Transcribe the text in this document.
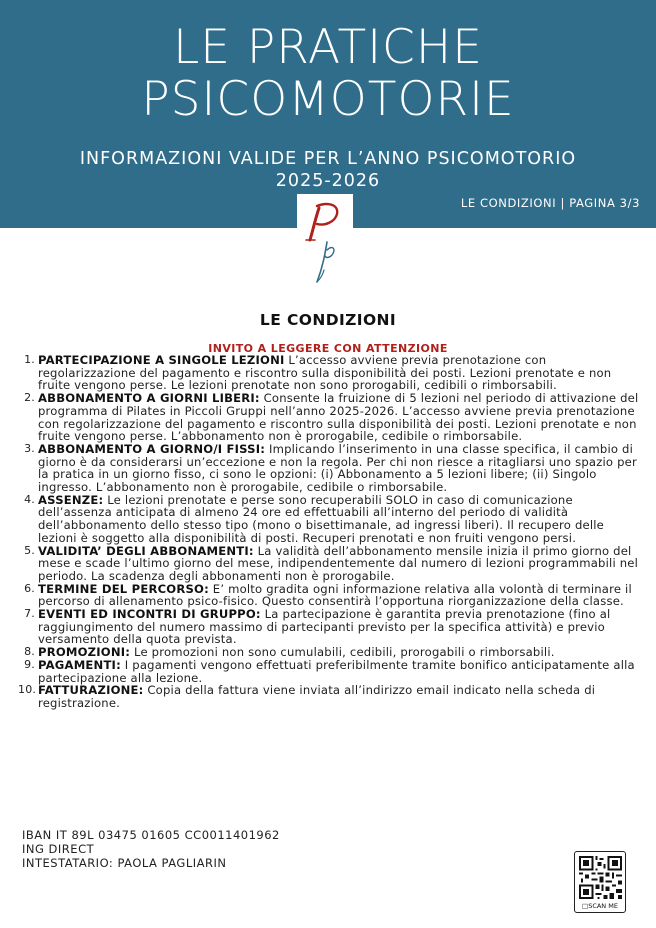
LE PRATICHE
PSICOMOTORIE
INFORMAZIONI VALIDE PER L’ANNO PSICOMOTORIO
2025-2026
LE CONDIZIONI | PAGINA 3/3
LE CONDIZIONI
INVITO A LEGGERE CON ATTENZIONE
1. PARTECIPAZIONE A SINGOLE LEZIONI L’accesso avviene previa prenotazione con regolarizzazione del pagamento e riscontro sulla disponibilità dei posti. Lezioni prenotate e non fruite vengono perse. Le lezioni prenotate non sono prorogabili, cedibili o rimborsabili.
2. ABBONAMENTO A GIORNI LIBERI: Consente la fruizione di 5 lezioni nel periodo di attivazione del programma di Pilates in Piccoli Gruppi nell’anno 2025-2026. L’accesso avviene previa prenotazione con regolarizzazione del pagamento e riscontro sulla disponibilità dei posti. Lezioni prenotate e non fruite vengono perse. L’abbonamento non è prorogabile, cedibile o rimborsabile.
3. ABBONAMENTO A GIORNO/I FISSI: Implicando l’inserimento in una classe specifica, il cambio di giorno è da considerarsi un’eccezione e non la regola. Per chi non riesce a ritagliarsi uno spazio per la pratica in un giorno fisso, ci sono le opzioni: (i) Abbonamento a 5 lezioni libere; (ii) Singolo ingresso. L’abbonamento non è prorogabile, cedibile o rimborsabile.
4. ASSENZE: Le lezioni prenotate e perse sono recuperabili SOLO in caso di comunicazione dell’assenza anticipata di almeno 24 ore ed effettuabili all’interno del periodo di validità dell’abbonamento dello stesso tipo (mono o bisettimanale, ad ingressi liberi). Il recupero delle lezioni è soggetto alla disponibilità di posti. Recuperi prenotati e non fruiti vengono persi.
5. VALIDITA’ DEGLI ABBONAMENTI: La validità dell’abbonamento mensile inizia il primo giorno del mese e scade l’ultimo giorno del mese, indipendentemente dal numero di lezioni programmabili nel periodo. La scadenza degli abbonamenti non è prorogabile.
6. TERMINE DEL PERCORSO: E’ molto gradita ogni informazione relativa alla volontà di terminare il percorso di allenamento psico-fisico. Questo consentirà l’opportuna riorganizzazione della classe.
7. EVENTI ED INCONTRI DI GRUPPO: La partecipazione è garantita previa prenotazione (fino al raggiungimento del numero massimo di partecipanti previsto per la specifica attività) e previo versamento della quota prevista.
8. PROMOZIONI: Le promozioni non sono cumulabili, cedibili, prorogabili o rimborsabili.
9. PAGAMENTI: I pagamenti vengono effettuati preferibilmente tramite bonifico anticipatamente alla partecipazione alla lezione.
10. FATTURAZIONE: Copia della fattura viene inviata all’indirizzo email indicato nella scheda di registrazione.
IBAN IT 89L 03475 01605 CC0011401962
ING DIRECT
INTESTATARIO: PAOLA PAGLIARIN
□SCAN ME
